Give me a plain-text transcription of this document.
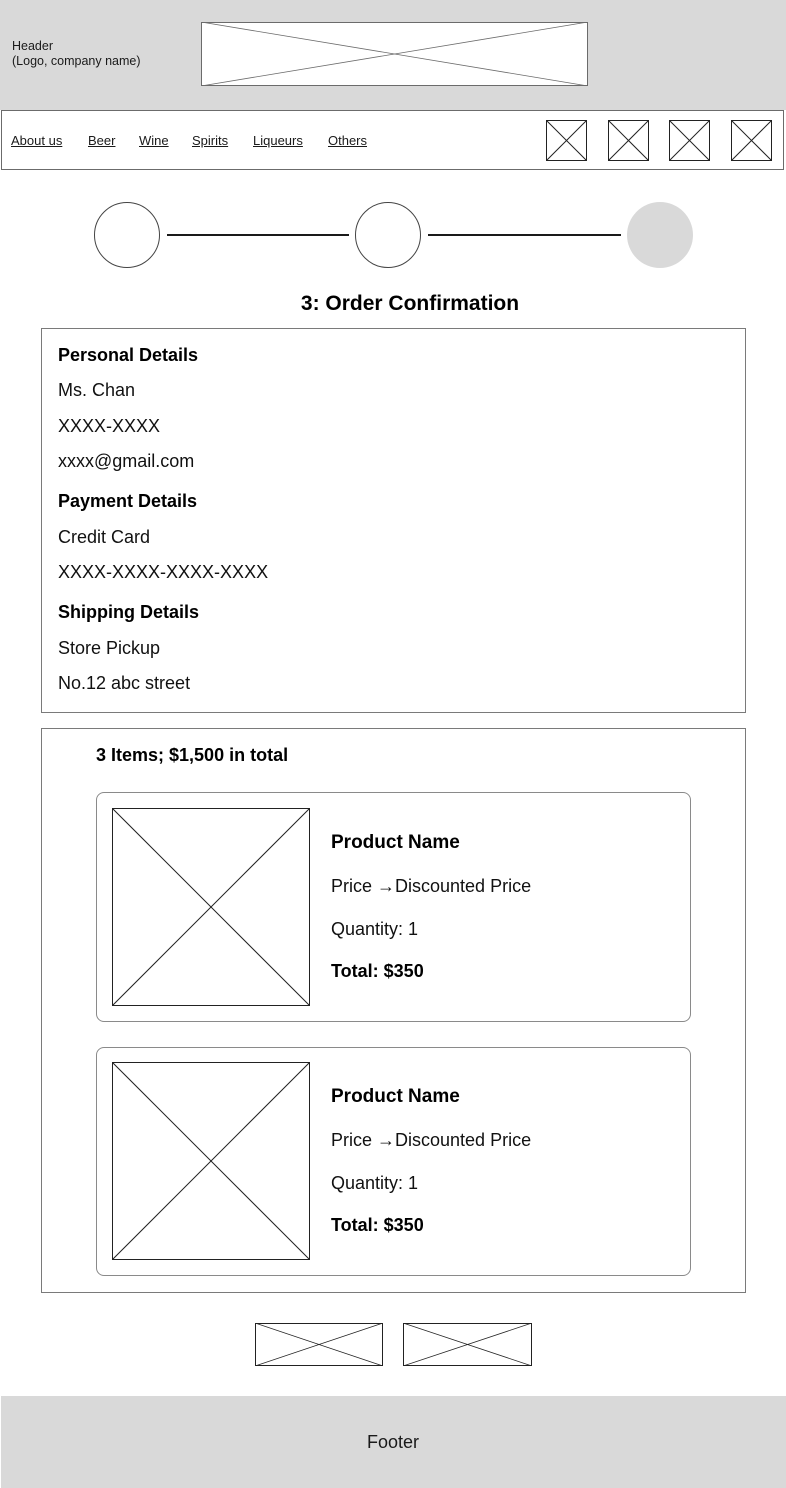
Header
(Logo, company name)
About us Beer Wine Spirits Liqueurs Others
3: Order Confirmation
Personal Details
Ms. Chan
XXXX-XXXX
xxxx@gmail.com
Payment Details
Credit Card
XXXX-XXXX-XXXX-XXXX
Shipping Details
Store Pickup
No.12 abc street
3 Items; $1,500 in total
Product Name
Price →Discounted Price
Quantity: 1
Total: $350
Product Name
Price →Discounted Price
Quantity: 1
Total: $350
Footer
